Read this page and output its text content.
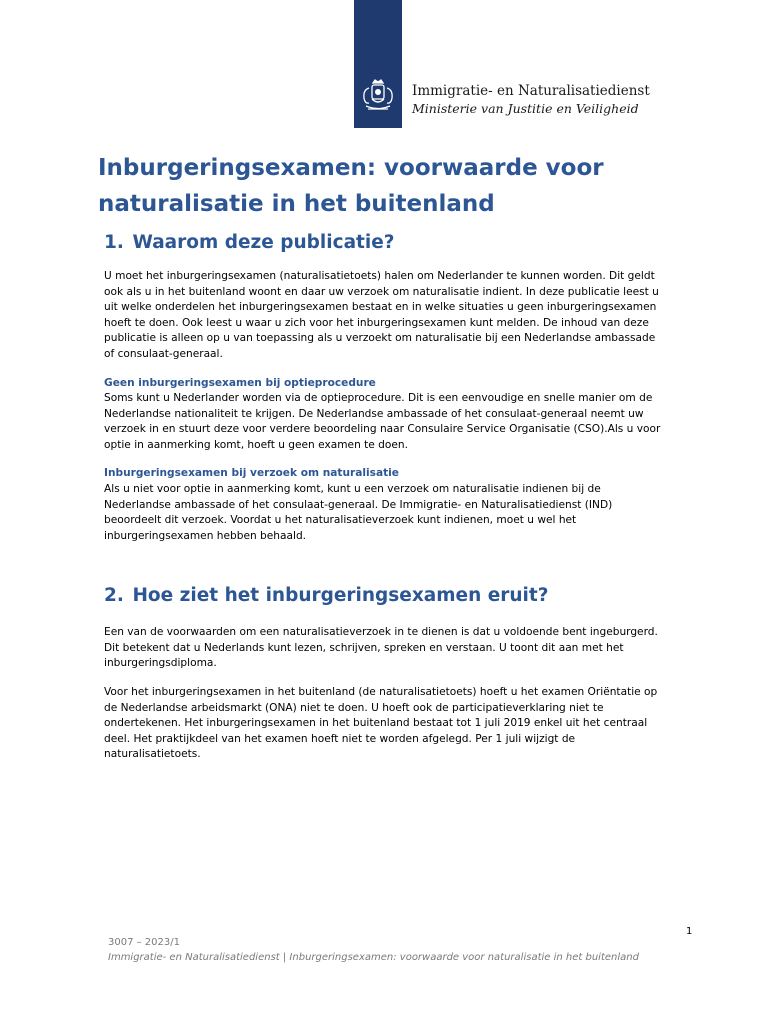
Immigratie- en Naturalisatiedienst
Ministerie van Justitie en Veiligheid
Inburgeringsexamen: voorwaarde voor naturalisatie in het buitenland
1. Waarom deze publicatie?

U moet het inburgeringsexamen (naturalisatietoets) halen om Nederlander te kunnen worden. Dit geldt ook als u in het buitenland woont en daar uw verzoek om naturalisatie indient. In deze publicatie leest u uit welke onderdelen het inburgeringsexamen bestaat en in welke situaties u geen inburgeringsexamen hoeft te doen. Ook leest u waar u zich voor het inburgeringsexamen kunt melden. De inhoud van deze publicatie is alleen op u van toepassing als u verzoekt om naturalisatie bij een Nederlandse ambassade of consulaat-generaal.

Geen inburgeringsexamen bij optieprocedure

Soms kunt u Nederlander worden via de optieprocedure. Dit is een eenvoudige en snelle manier om de Nederlandse nationaliteit te krijgen. De Nederlandse ambassade of het consulaat-generaal neemt uw verzoek in en stuurt deze voor verdere beoordeling naar Consulaire Service Organisatie (CSO).Als u voor optie in aanmerking komt, hoeft u geen examen te doen.

Inburgeringsexamen bij verzoek om naturalisatie

Als u niet voor optie in aanmerking komt, kunt u een verzoek om naturalisatie indienen bij de Nederlandse ambassade of het consulaat-generaal. De Immigratie- en Naturalisatiedienst (IND) beoordeelt dit verzoek. Voordat u het naturalisatieverzoek kunt indienen, moet u wel het inburgeringsexamen hebben behaald.

2. Hoe ziet het inburgeringsexamen eruit?

Een van de voorwaarden om een naturalisatieverzoek in te dienen is dat u voldoende bent ingeburgerd. Dit betekent dat u Nederlands kunt lezen, schrijven, spreken en verstaan. U toont dit aan met het inburgeringsdiploma.

Voor het inburgeringsexamen in het buitenland (de naturalisatietoets) hoeft u het examen Oriëntatie op de Nederlandse arbeidsmarkt (ONA) niet te doen. U hoeft ook de participatieverklaring niet te ondertekenen. Het inburgeringsexamen in het buitenland bestaat tot 1 juli 2019 enkel uit het centraal deel. Het praktijkdeel van het examen hoeft niet te worden afgelegd. Per 1 juli wijzigt de naturalisatietoets.

1
3007 – 2023/1
Immigratie- en Naturalisatiedienst | Inburgeringsexamen: voorwaarde voor naturalisatie in het buitenland
